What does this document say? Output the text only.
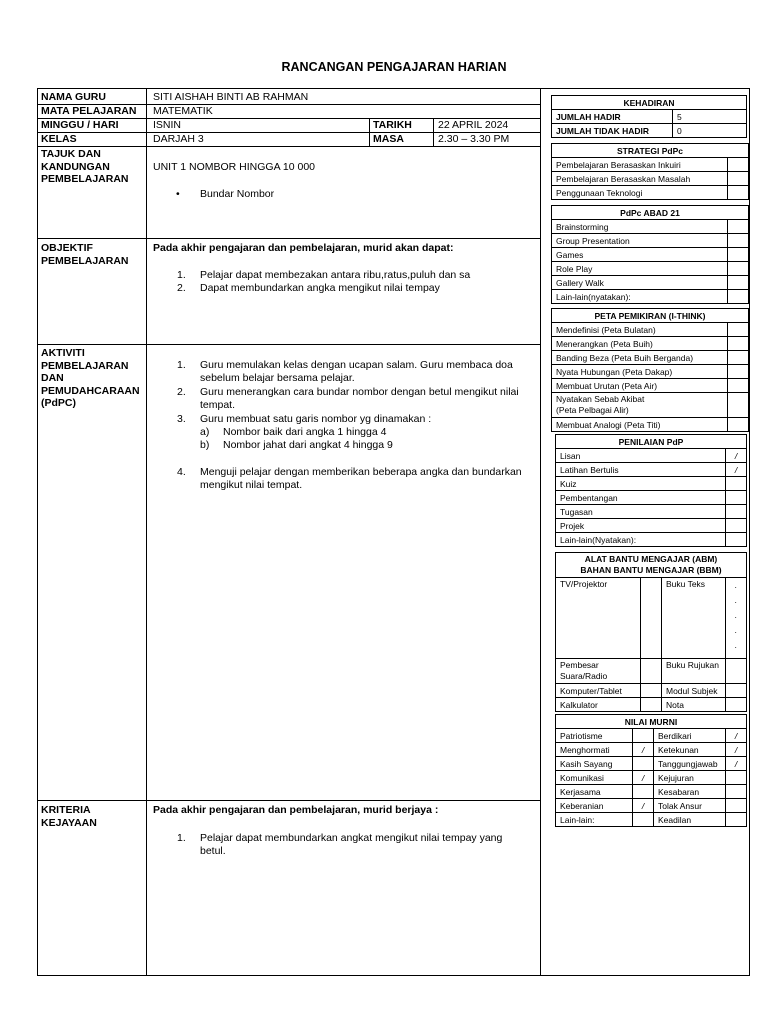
RANCANGAN PENGAJARAN HARIAN
NAMA GURU	SITI AISHAH BINTI AB RAHMAN
MATA PELAJARAN MATEMATIK
MINGGU / HARI	ISNIN	TARIKH 22 APRIL 2024
KELAS	DARJAH 3	MASA	2.30 – 3.30 PM
TAJUK DAN KANDUNGAN PEMBELAJARAN
UNIT 1 NOMBOR HINGGA 10 000
• Bundar Nombor
OBJEKTIF PEMBELAJARAN
Pada akhir pengajaran dan pembelajaran, murid akan dapat:
1. Pelajar dapat membezakan antara ribu,ratus,puluh dan sa
2. Dapat membundarkan angka mengikut nilai tempay
AKTIVITI PEMBELAJARAN DAN PEMUDAHCARAAN (PdPC)
1. Guru memulakan kelas dengan ucapan salam. Guru membaca doa sebelum belajar bersama pelajar.
2. Guru menerangkan cara bundar nombor dengan betul mengikut nilai tempat.
3. Guru membuat satu garis nombor yg dinamakan :
a) Nombor baik dari angka 1 hingga 4
b) Nombor jahat dari angkat 4 hingga 9
4. Menguji pelajar dengan memberikan beberapa angka dan bundarkan mengikut nilai tempat.
KRITERIA KEJAYAAN
Pada akhir pengajaran dan pembelajaran, murid berjaya :
1. Pelajar dapat membundarkan angkat mengikut nilai tempay yang betul.
KEHADIRAN	
JUMLAH HADIR	5
JUMLAH TIDAK HADIR	0
STRATEGI PdPc	
Pembelajaran Berasaskan Inkuiri	
Pembelajaran Berasaskan Masalah	
Penggunaan Teknologi	
PdPc ABAD 21	
Brainstorming	
Group Presentation	
Games	
Role Play	
Gallery Walk	
Lain-lain(nyatakan):	
PETA PEMIKIRAN (I-THINK)	
Mendefinisi (Peta Bulatan)	
Menerangkan (Peta Buih)	
Banding Beza (Peta Buih Berganda)	
Nyata Hubungan (Peta Dakap)	
Membuat Urutan (Peta Air)	
Nyatakan Sebab Akibat
(Peta Pelbagai Alir)	
Membuat Analogi (Peta Titi)	
PENILAIAN PdP	
Lisan	/
Latihan Bertulis	/
Kuiz	
Pembentangan	
Tugasan	
Projek	
Lain-lain(Nyatakan):	
ALAT BANTU MENGAJAR (ABM)
BAHAN BANTU MENGAJAR (BBM)			
TV/Projektor		Buku Teks	.
.
.
.
.
Pembesar
Suara/Radio		Buku Rujukan	
Komputer/Tablet		Modul Subjek	
Kalkulator		Nota	
NILAI MURNI			
Patriotisme		Berdikari	/
Menghormati	/	Ketekunan	/
Kasih Sayang		Tanggungjawab	/
Komunikasi	/	Kejujuran	
Kerjasama		Kesabaran	
Keberanian	/	Tolak Ansur	
Lain-lain:		Keadilan	
